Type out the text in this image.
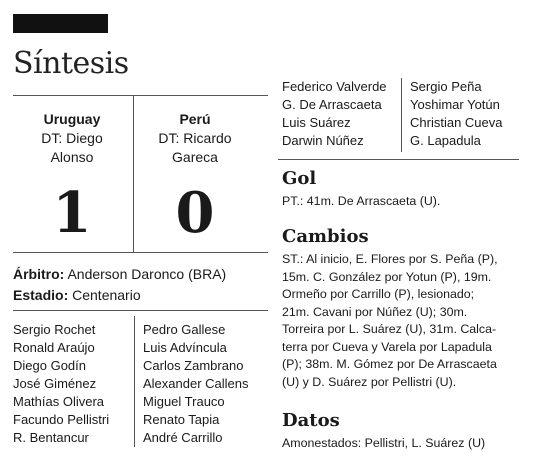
Síntesis
Uruguay
DT: Diego
Alonso
Perú
DT: Ricardo
Gareca
1	0
Árbitro: Anderson Daronco (BRA)
Estadio: Centenario
Sergio Rochet
Ronald Araújo
Diego Godín
José Giménez
Mathías Olivera
Facundo Pellistri
R. Bentancur
Pedro Gallese
Luis Advíncula
Carlos Zambrano
Alexander Callens
Miguel Trauco
Renato Tapia
André Carrillo
Federico Valverde
G. De Arrascaeta
Luis Suárez
Darwin Núñez
Sergio Peña
Yoshimar Yotún
Christian Cueva
G. Lapadula
Gol
PT.: 41m. De Arrascaeta (U).
Cambios
ST.: Al inicio, E. Flores por S. Peña (P),
15m. C. González por Yotun (P), 19m.
Ormeño por Carrillo (P), lesionado;
21m. Cavani por Núñez (U); 30m.
Torreira por L. Suárez (U), 31m. Calca-
terra por Cueva y Varela por Lapadula
(P); 38m. M. Gómez por De Arrascaeta
(U) y D. Suárez por Pellistri (U).
Datos
Amonestados: Pellistri, L. Suárez (U)
